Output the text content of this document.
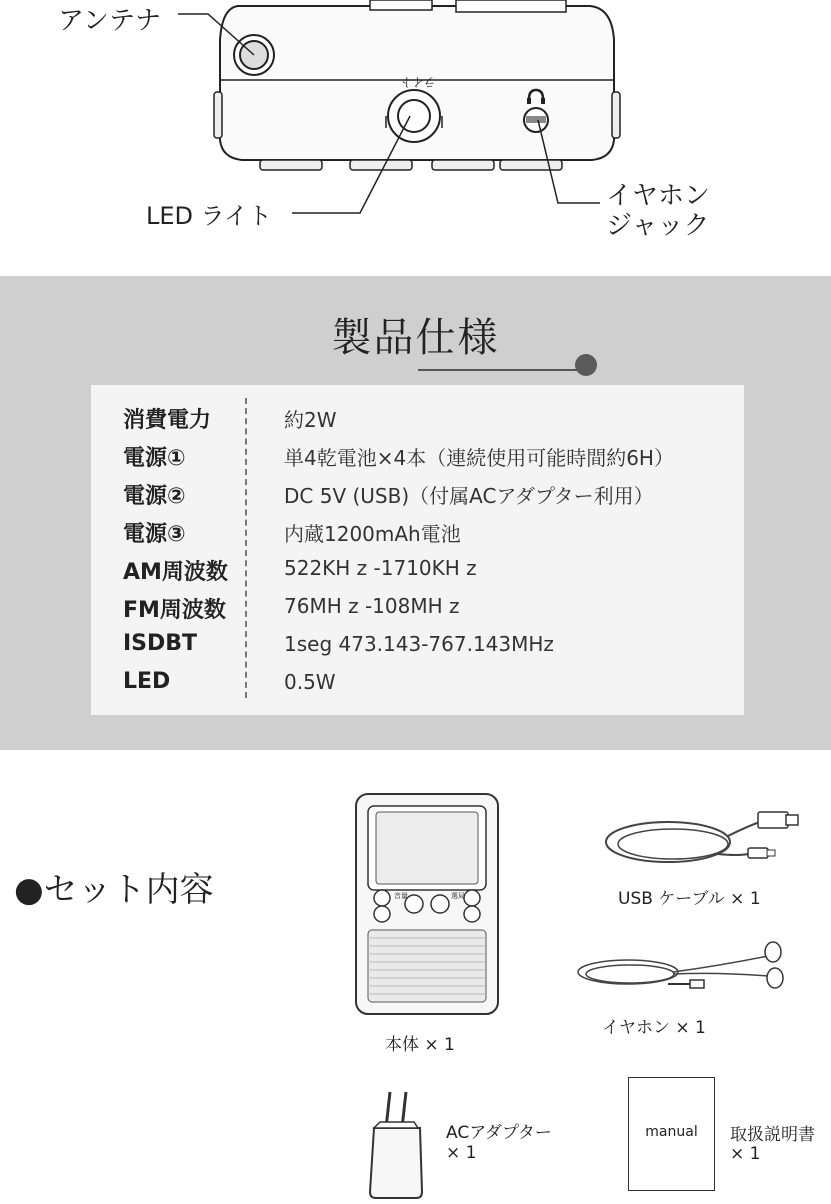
ライト
アンテナ
LED ライト
イヤホン
ジャック
製品仕様
消費電力	約2W
電源①	単4乾電池×4本（連続使用可能時間約6H）
電源②	DC 5V (USB)（付属ACアダプター利用）
電源③	内蔵1200mAh電池
AM周波数	522KH z -1710KH z
FM周波数	76MH z -108MH z
ISDBT	1seg 473.143-767.143MHz
LED	0.5W
●セット内容	音量	選局
本体 × 1
USB ケーブル × 1
イヤホン × 1
ACアダプター
× 1
manual	取扱説明書
× 1
